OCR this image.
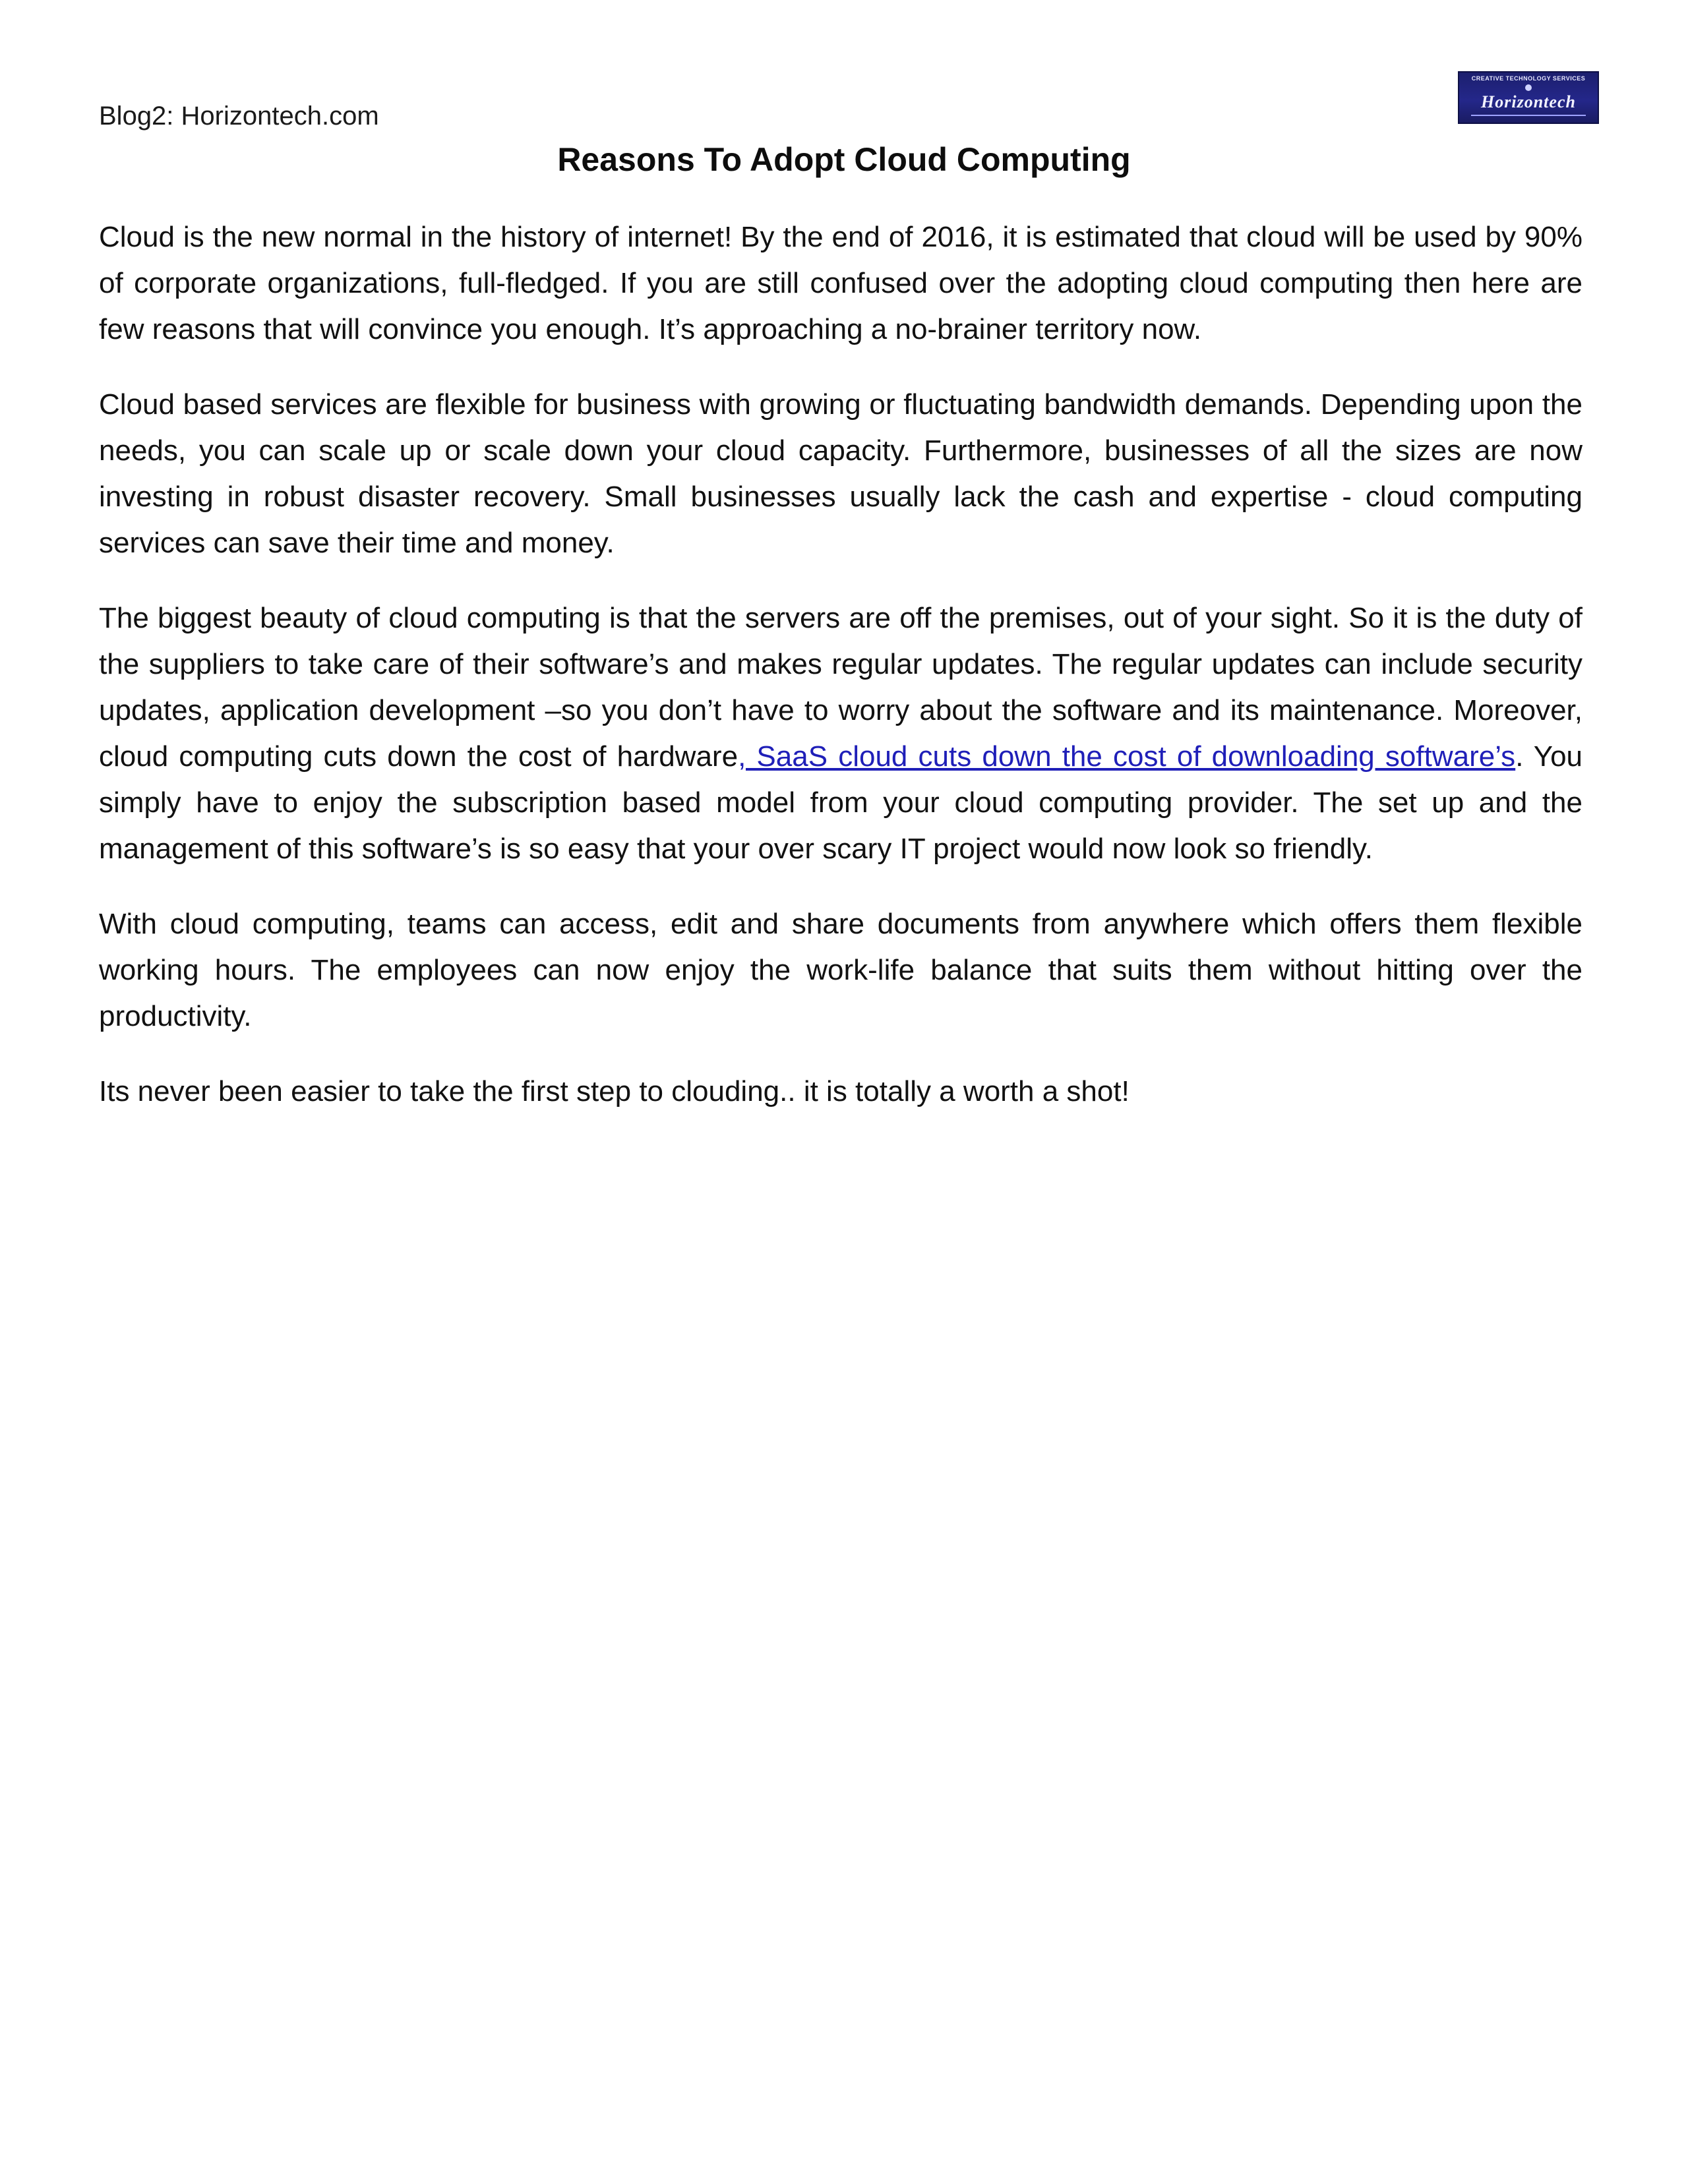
Blog2: Horizontech.com
CREATIVE TECHNOLOGY SERVICES
Horizontech
Reasons To Adopt Cloud Computing

Cloud is the new normal in the history of internet! By the end of 2016, it is estimated that cloud will be used by 90% of corporate organizations, full-fledged. If you are still confused over the adopting cloud computing then here are few reasons that will convince you enough. It’s approaching a no-brainer territory now.

Cloud based services are flexible for business with growing or fluctuating bandwidth demands. Depending upon the needs, you can scale up or scale down your cloud capacity. Furthermore, businesses of all the sizes are now investing in robust disaster recovery. Small businesses usually lack the cash and expertise - cloud computing services can save their time and money.

The biggest beauty of cloud computing is that the servers are off the premises, out of your sight. So it is the duty of the suppliers to take care of their software’s and makes regular updates. The regular updates can include security updates, application development –so you don’t have to worry about the software and its maintenance. Moreover, cloud computing cuts down the cost of hardware, SaaS cloud cuts down the cost of downloading software’s. You simply have to enjoy the subscription based model from your cloud computing provider. The set up and the management of this software’s is so easy that your over scary IT project would now look so friendly.

With cloud computing, teams can access, edit and share documents from anywhere which offers them flexible working hours. The employees can now enjoy the work-life balance that suits them without hitting over the productivity.

Its never been easier to take the first step to clouding.. it is totally a worth a shot!
